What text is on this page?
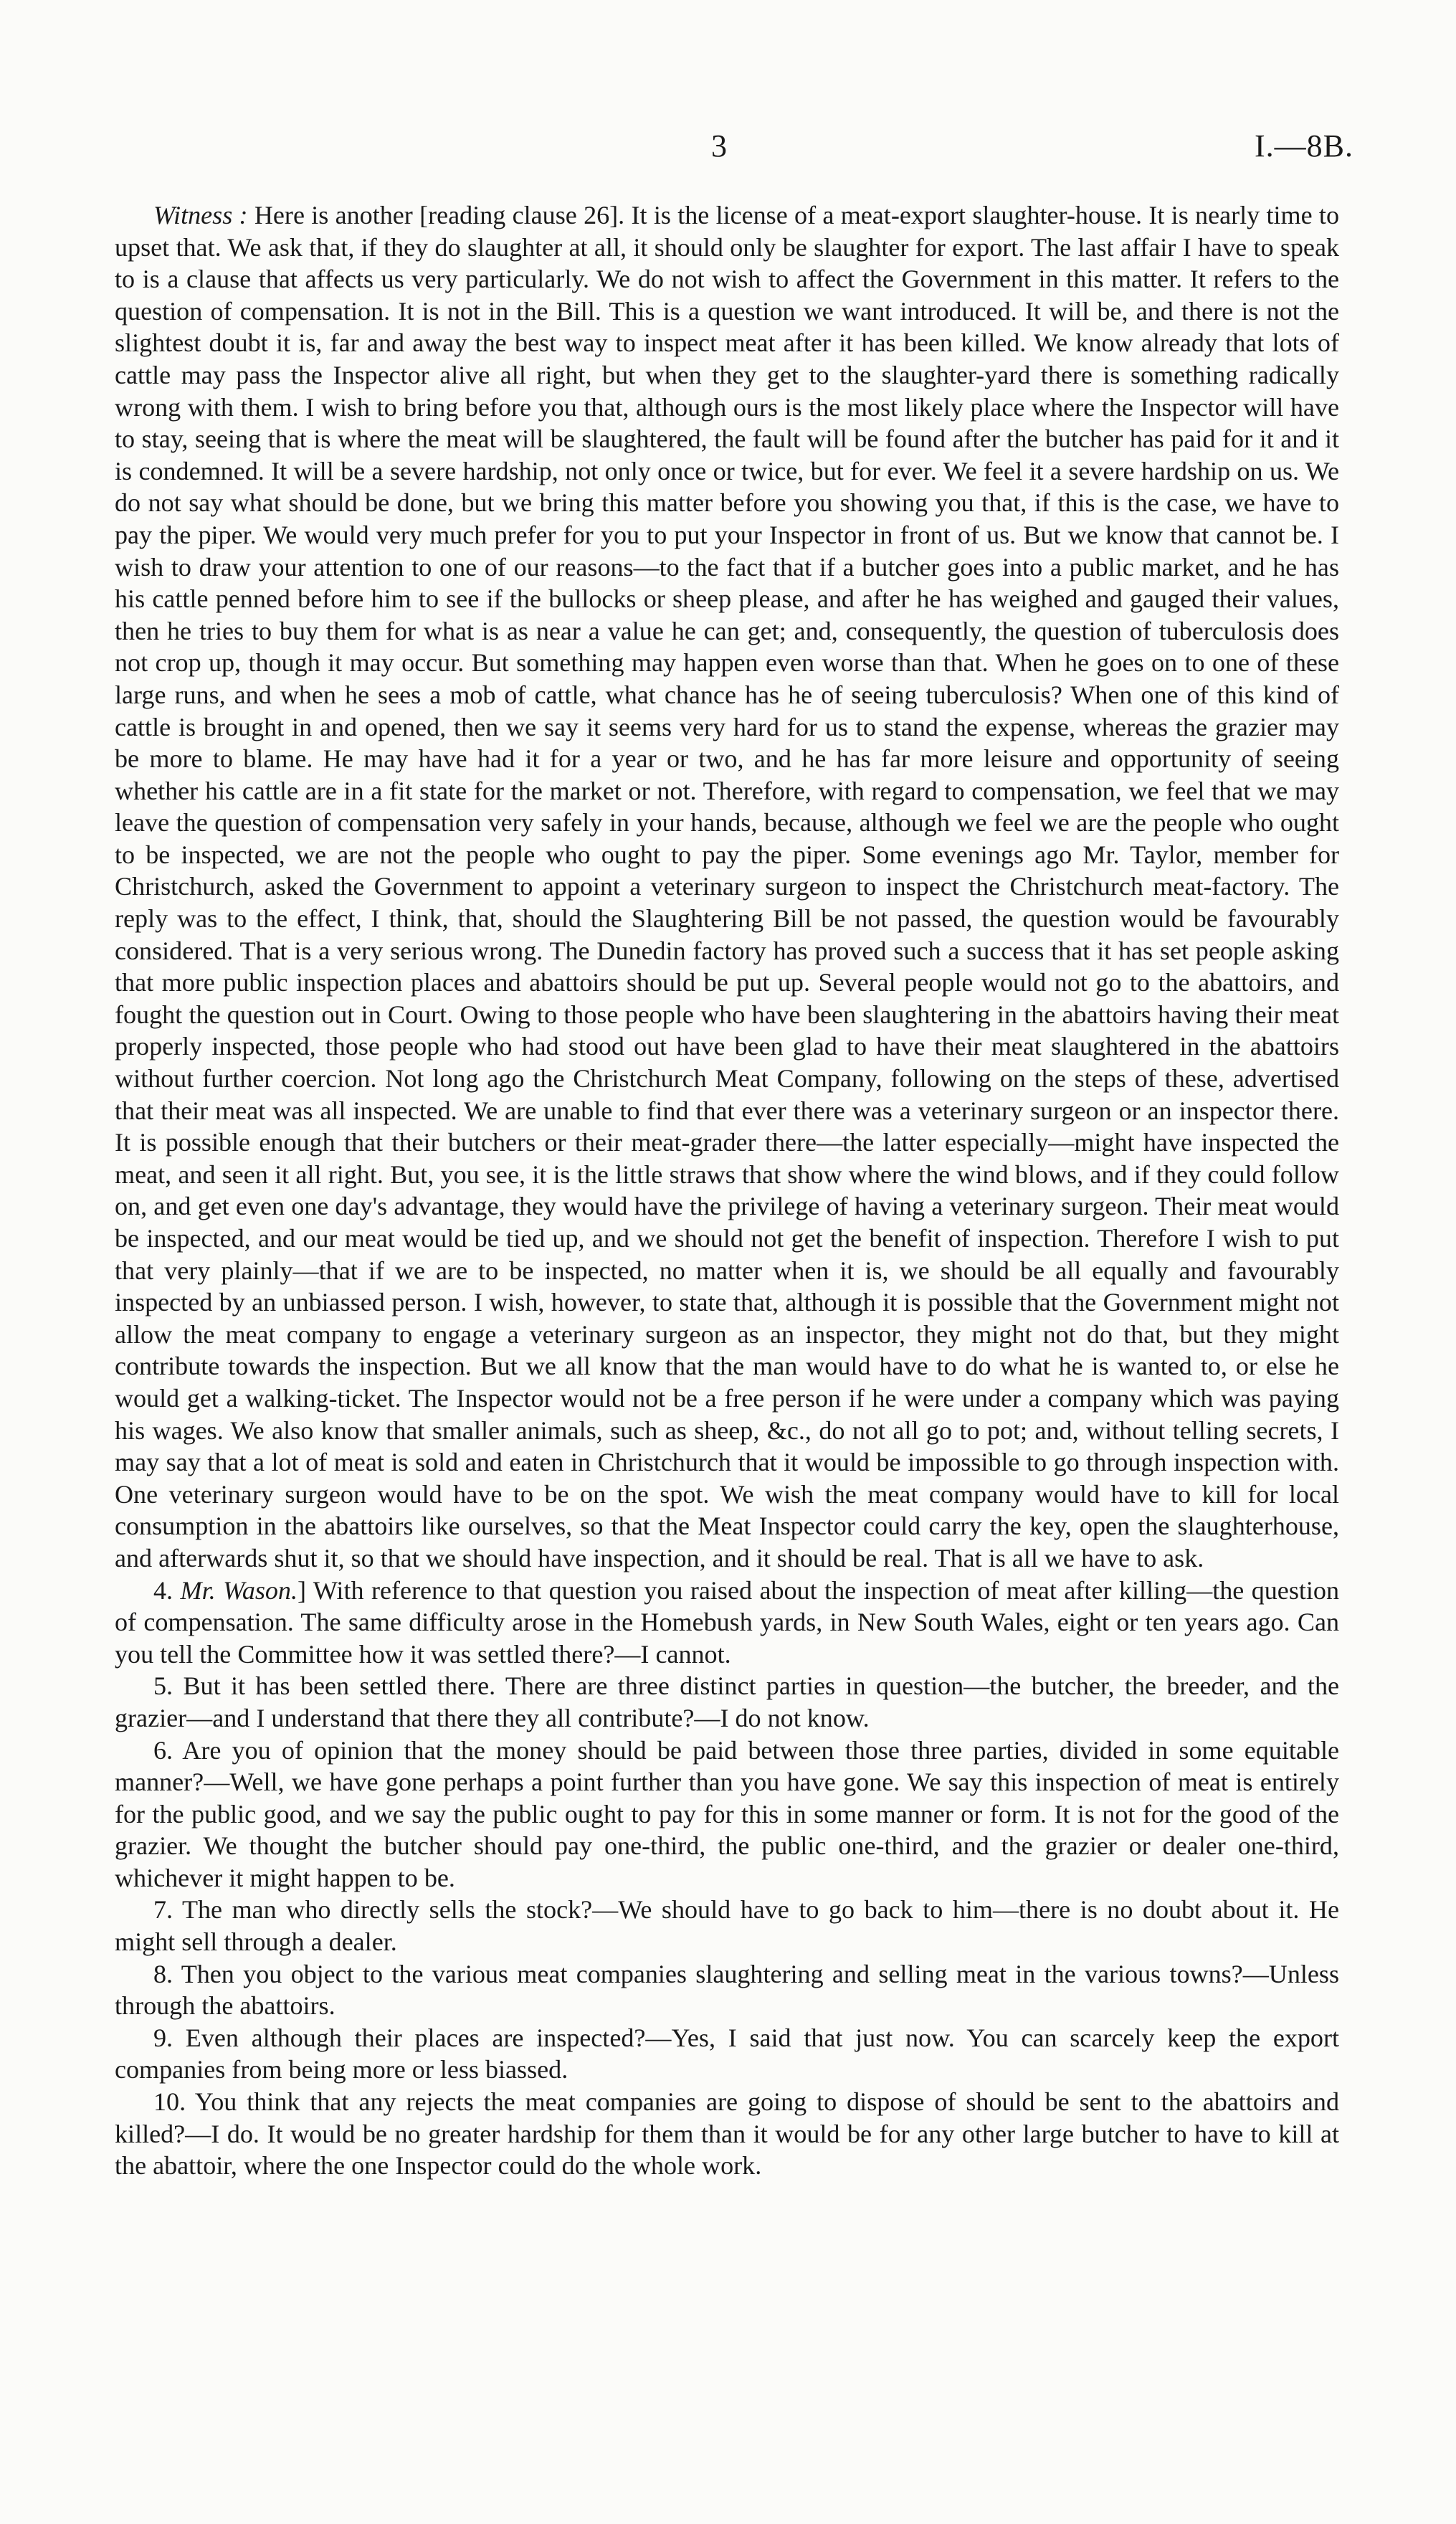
3	I.—8B.

Witness : Here is another [reading clause 26]. It is the license of a meat-export slaughter-house. It is nearly time to upset that. We ask that, if they do slaughter at all, it should only be slaughter for export. The last affair I have to speak to is a clause that affects us very particularly. We do not wish to affect the Government in this matter. It refers to the question of compensation. It is not in the Bill. This is a question we want introduced. It will be, and there is not the slightest doubt it is, far and away the best way to inspect meat after it has been killed. We know already that lots of cattle may pass the Inspector alive all right, but when they get to the slaughter-yard there is something radically wrong with them. I wish to bring before you that, although ours is the most likely place where the Inspector will have to stay, seeing that is where the meat will be slaughtered, the fault will be found after the butcher has paid for it and it is condemned. It will be a severe hardship, not only once or twice, but for ever. We feel it a severe hardship on us. We do not say what should be done, but we bring this matter before you showing you that, if this is the case, we have to pay the piper. We would very much prefer for you to put your Inspector in front of us. But we know that cannot be. I wish to draw your attention to one of our reasons—to the fact that if a butcher goes into a public market, and he has his cattle penned before him to see if the bullocks or sheep please, and after he has weighed and gauged their values, then he tries to buy them for what is as near a value he can get; and, consequently, the question of tuberculosis does not crop up, though it may occur. But something may happen even worse than that. When he goes on to one of these large runs, and when he sees a mob of cattle, what chance has he of seeing tuberculosis? When one of this kind of cattle is brought in and opened, then we say it seems very hard for us to stand the expense, whereas the grazier may be more to blame. He may have had it for a year or two, and he has far more leisure and opportunity of seeing whether his cattle are in a fit state for the market or not. Therefore, with regard to compensation, we feel that we may leave the question of compensation very safely in your hands, because, although we feel we are the people who ought to be inspected, we are not the people who ought to pay the piper. Some evenings ago Mr. Taylor, member for Christchurch, asked the Government to appoint a veterinary surgeon to inspect the Christchurch meat-factory. The reply was to the effect, I think, that, should the Slaughtering Bill be not passed, the question would be favourably considered. That is a very serious wrong. The Dunedin factory has proved such a success that it has set people asking that more public inspection places and abattoirs should be put up. Several people would not go to the abattoirs, and fought the question out in Court. Owing to those people who have been slaughtering in the abattoirs having their meat properly inspected, those people who had stood out have been glad to have their meat slaughtered in the abattoirs without further coercion. Not long ago the Christchurch Meat Company, following on the steps of these, advertised that their meat was all inspected. We are unable to find that ever there was a veterinary surgeon or an inspector there. It is possible enough that their butchers or their meat-grader there—the latter especially—might have inspected the meat, and seen it all right. But, you see, it is the little straws that show where the wind blows, and if they could follow on, and get even one day's advantage, they would have the privilege of having a veterinary surgeon. Their meat would be inspected, and our meat would be tied up, and we should not get the benefit of inspection. Therefore I wish to put that very plainly—that if we are to be inspected, no matter when it is, we should be all equally and favourably inspected by an unbiassed person. I wish, however, to state that, although it is possible that the Government might not allow the meat company to engage a veterinary surgeon as an inspector, they might not do that, but they might contribute towards the inspection. But we all know that the man would have to do what he is wanted to, or else he would get a walking-ticket. The Inspector would not be a free person if he were under a company which was paying his wages. We also know that smaller animals, such as sheep, &c., do not all go to pot; and, without telling secrets, I may say that a lot of meat is sold and eaten in Christchurch that it would be impossible to go through inspection with. One veterinary surgeon would have to be on the spot. We wish the meat company would have to kill for local consumption in the abattoirs like ourselves, so that the Meat Inspector could carry the key, open the slaughterhouse, and afterwards shut it, so that we should have inspection, and it should be real. That is all we have to ask.

4. Mr. Wason.] With reference to that question you raised about the inspection of meat after killing—the question of compensation. The same difficulty arose in the Homebush yards, in New South Wales, eight or ten years ago. Can you tell the Committee how it was settled there?—I cannot.

5. But it has been settled there. There are three distinct parties in question—the butcher, the breeder, and the grazier—and I understand that there they all contribute?—I do not know.

6. Are you of opinion that the money should be paid between those three parties, divided in some equitable manner?—Well, we have gone perhaps a point further than you have gone. We say this inspection of meat is entirely for the public good, and we say the public ought to pay for this in some manner or form. It is not for the good of the grazier. We thought the butcher should pay one-third, the public one-third, and the grazier or dealer one-third, whichever it might happen to be.

7. The man who directly sells the stock?—We should have to go back to him—there is no doubt about it. He might sell through a dealer.

8. Then you object to the various meat companies slaughtering and selling meat in the various towns?—Unless through the abattoirs.

9. Even although their places are inspected?—Yes, I said that just now. You can scarcely keep the export companies from being more or less biassed.

10. You think that any rejects the meat companies are going to dispose of should be sent to the abattoirs and killed?—I do. It would be no greater hardship for them than it would be for any other large butcher to have to kill at the abattoir, where the one Inspector could do the whole work.
